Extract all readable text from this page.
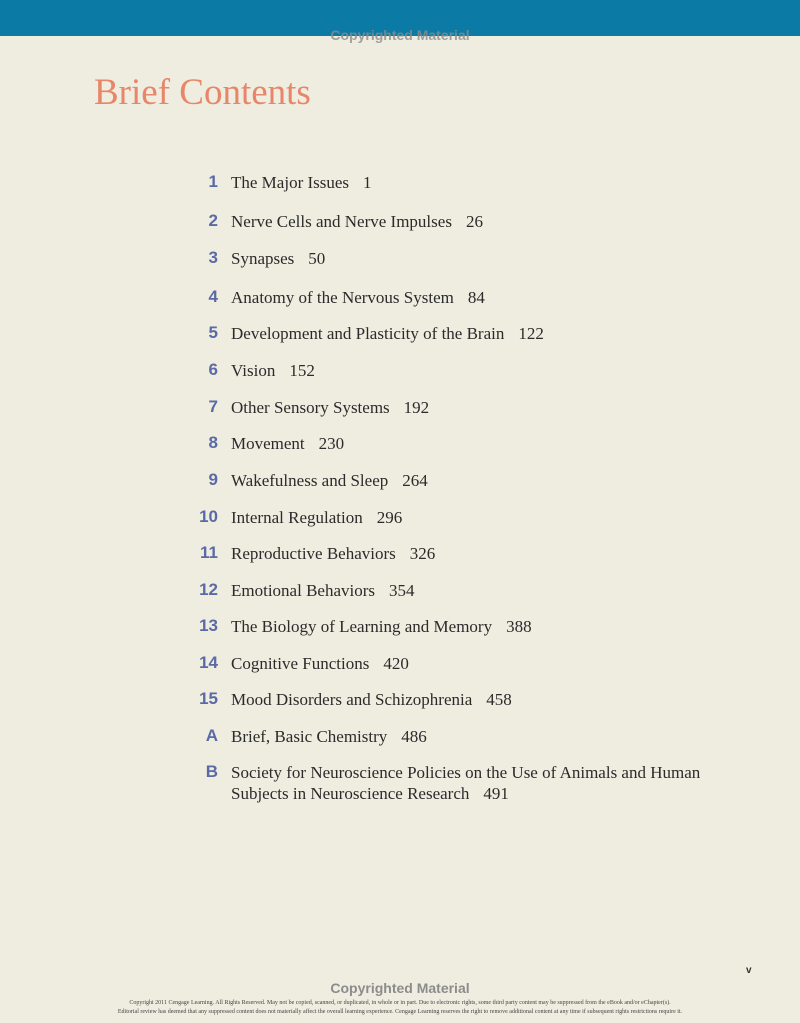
Copyrighted Material
Brief Contents
1 The Major Issues 1
2 Nerve Cells and Nerve Impulses 26
3 Synapses 50
4 Anatomy of the Nervous System 84
5 Development and Plasticity of the Brain 122
6 Vision 152
7 Other Sensory Systems 192
8 Movement 230
9 Wakefulness and Sleep 264
10 Internal Regulation 296
11 Reproductive Behaviors 326
12 Emotional Behaviors 354
13 The Biology of Learning and Memory 388
14 Cognitive Functions 420
15 Mood Disorders and Schizophrenia 458
A Brief, Basic Chemistry 486
B Society for Neuroscience Policies on the Use of Animals and Human Subjects in Neuroscience Research 491
v
Copyrighted Material
Copyright 2011 Cengage Learning. All Rights Reserved. May not be copied, scanned, or duplicated, in whole or in part. Due to electronic rights, some third party content may be suppressed from the eBook and/or eChapter(s).
Editorial review has deemed that any suppressed content does not materially affect the overall learning experience. Cengage Learning reserves the right to remove additional content at any time if subsequent rights restrictions require it.
